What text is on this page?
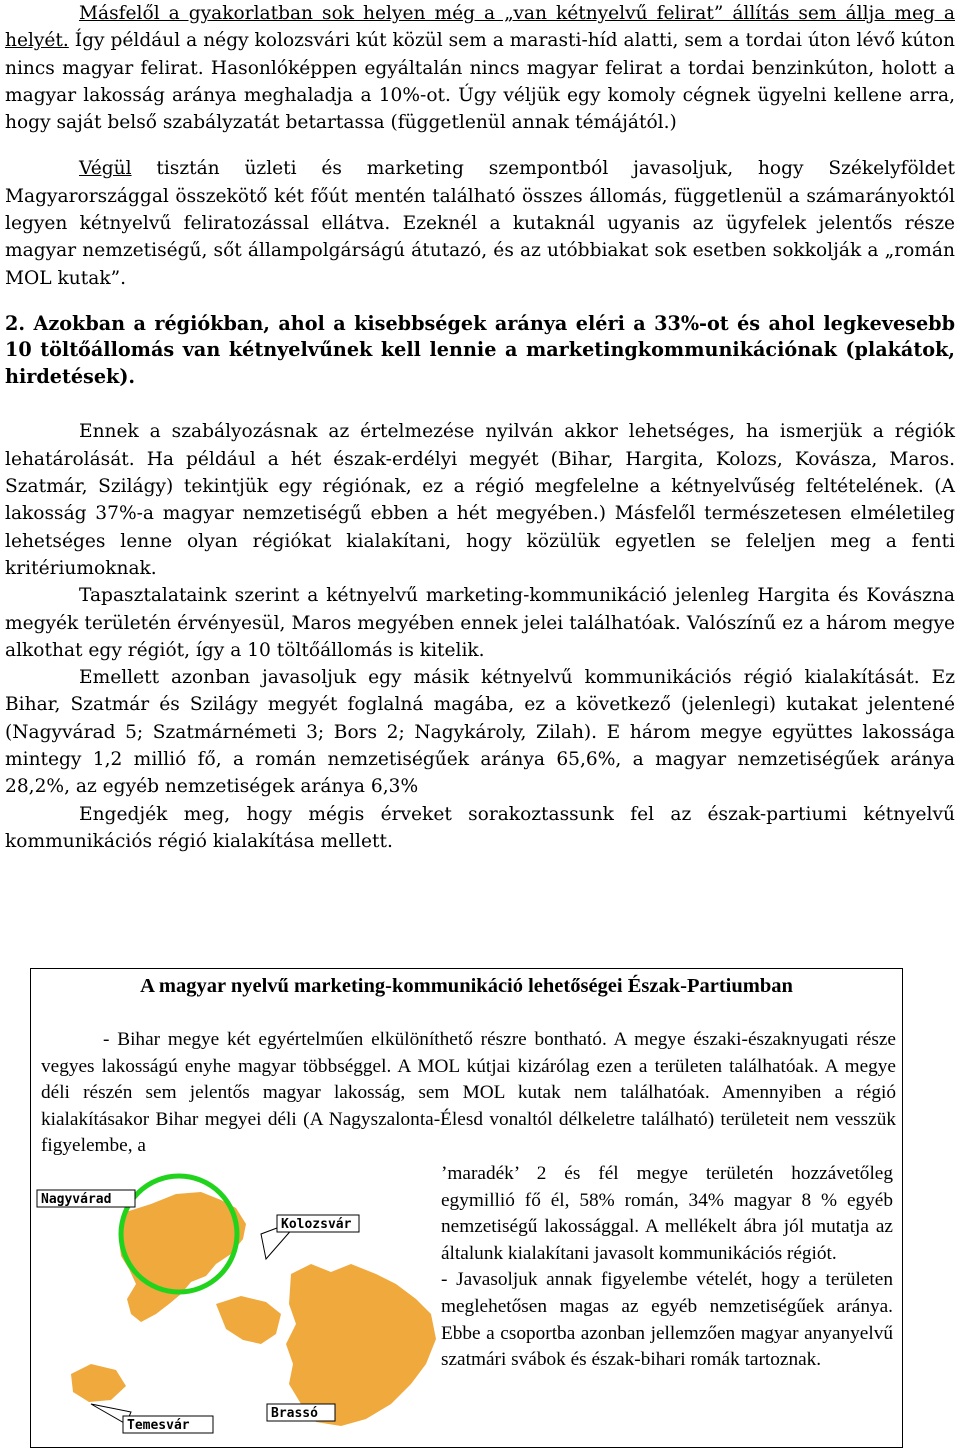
Másfelől a gyakorlatban sok helyen még a „van kétnyelvű felirat” állítás sem állja meg a helyét. Így például a négy kolozsvári kút közül sem a marasti-híd alatti, sem a tordai úton lévő kúton nincs magyar felirat. Hasonlóképpen egyáltalán nincs magyar felirat a tordai benzinkúton, holott a magyar lakosság aránya meghaladja a 10%-ot. Úgy véljük egy komoly cégnek ügyelni kellene arra, hogy saját belső szabályzatát betartassa (függetlenül annak témájától.)

Végül tisztán üzleti és marketing szempontból javasoljuk, hogy Székelyföldet Magyarországgal összekötő két főút mentén található összes állomás, függetlenül a számarányoktól legyen kétnyelvű feliratozással ellátva. Ezeknél a kutaknál ugyanis az ügyfelek jelentős része magyar nemzetiségű, sőt állampolgárságú átutazó, és az utóbbiakat sok esetben sokkolják a „román MOL kutak”.

2. Azokban a régiókban, ahol a kisebbségek aránya eléri a 33%-ot és ahol legkevesebb 10 töltőállomás van kétnyelvűnek kell lennie a marketingkommunikációnak (plakátok, hirdetések).

Ennek a szabályozásnak az értelmezése nyilván akkor lehetséges, ha ismerjük a régiók lehatárolását. Ha például a hét észak-erdélyi megyét (Bihar, Hargita, Kolozs, Kovásza, Maros. Szatmár, Szilágy) tekintjük egy régiónak, ez a régió megfelelne a kétnyelvűség feltételének. (A lakosság 37%-a magyar nemzetiségű ebben a hét megyében.) Másfelől természetesen elméletileg lehetséges lenne olyan régiókat kialakítani, hogy közülük egyetlen se feleljen meg a fenti kritériumoknak.

Tapasztalataink szerint a kétnyelvű marketing-kommunikáció jelenleg Hargita és Kovászna megyék területén érvényesül, Maros megyében ennek jelei találhatóak. Valószínű ez a három megye alkothat egy régiót, így a 10 töltőállomás is kitelik.

Emellett azonban javasoljuk egy másik kétnyelvű kommunikációs régió kialakítását. Ez Bihar, Szatmár és Szilágy megyét foglalná magába, ez a következő (jelenlegi) kutakat jelentené (Nagyvárad 5; Szatmárnémeti 3; Bors 2; Nagykároly, Zilah). E három megye együttes lakossága mintegy 1,2 millió fő, a román nemzetiségűek aránya 65,6%, a magyar nemzetiségűek aránya 28,2%, az egyéb nemzetiségek aránya 6,3%

Engedjék meg, hogy mégis érveket sorakoztassunk fel az észak-partiumi kétnyelvű kommunikációs régió kialakítása mellett.

A magyar nyelvű marketing-kommunikáció lehetőségei Észak-Partiumban

- Bihar megye két egyértelműen elkülöníthető részre bontható. A megye északi-északnyugati része vegyes lakosságú enyhe magyar többséggel. A MOL kútjai kizárólag ezen a területen találhatóak. A megye déli részén sem jelentős magyar lakosság, sem MOL kutak nem találhatóak. Amennyiben a régió kialakításakor Bihar megyei déli (A Nagyszalonta-Élesd vonaltól délkeletre található) területeit nem vesszük figyelembe, a

’maradék’ 2 és fél megye területén hozzávetőleg egymillió fő él, 58% román, 34% magyar 8 % egyéb nemzetiségű lakossággal. A mellékelt ábra jól mutatja az általunk kialakítani javasolt kommunikációs régiót.

- Javasoljuk annak figyelembe vételét, hogy a területen meglehetősen magas az egyéb nemzetiségűek aránya. Ebbe a csoportba azonban jellemzően magyar anyanyelvű szatmári svábok és észak-bihari romák tartoznak.

Nagyvárad
Kolozsvár
Temesvár
Brassó
